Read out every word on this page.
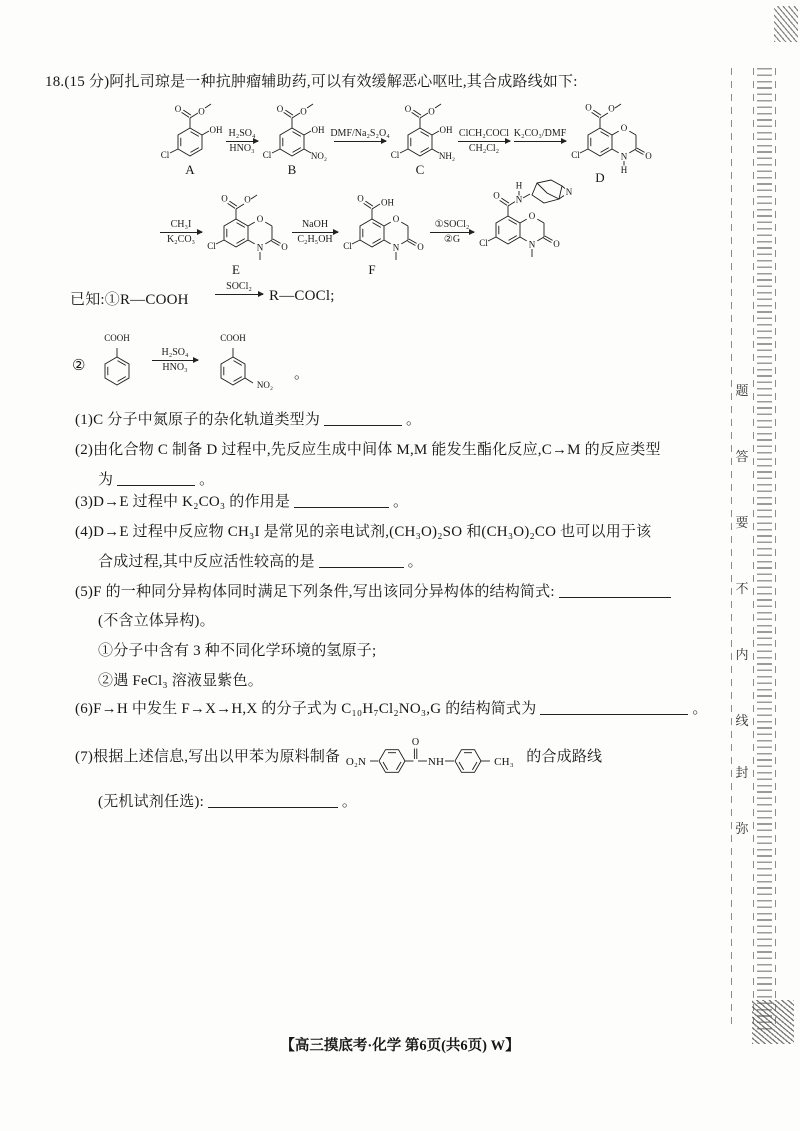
18.(15 分)阿扎司琼是一种抗肿瘤辅助药,可以有效缓解恶心呕吐,其合成路线如下:
O O
OH
Cl
A
H₂SO₄
HNO₃
O O
OH
Cl	NO₂
B
DMF/Na₂S₂O₄
O O
OH
Cl	NH₂
C
ClCH₂COCl
CH₂Cl₂
K₂CO₃/DMF	O
N O
Cl
O O
H
D
CH₃I
K₂CO₃
O
N O
Cl
O O
E
NaOH
C₂H₅OH
O
N O
Cl
O OH
F
①SOCl₂
②G
O
N O
Cl
O N
H
N
已知:①R—COOH
SOCl₂
R—COCl;
②
COOH
H₂SO₄
HNO₃
COOH
NO₂
。
(1)C 分子中氮原子的杂化轨道类型为	。
(2)由化合物 C 制备 D 过程中,先反应生成中间体 M,M 能发生酯化反应,C→M 的反应类型
为	。
(3)D→E 过程中 K₂CO₃ 的作用是	。
(4)D→E 过程中反应物 CH₃I 是常见的亲电试剂,(CH₃O)₂SO 和(CH₃O)₂CO 也可以用于该
合成过程,其中反应活性较高的是	。
(5)F 的一种同分异构体同时满足下列条件,写出该同分异构体的结构简式:
(不含立体异构)。
①分子中含有 3 种不同化学环境的氢原子;
②遇 FeCl₃ 溶液显紫色。
(6)F→H 中发生 F→X→H,X 的分子式为 C₁₀H₇Cl₂NO₃,G 的结构简式为	。
(7)根据上述信息,写出以甲苯为原料制备 O₂N
O
NH	CH₃ 的合成路线
(无机试剂任选):	。
题
答
要
不
内
线
封
弥
【高三摸底考·化学 第6页(共6页) W】
